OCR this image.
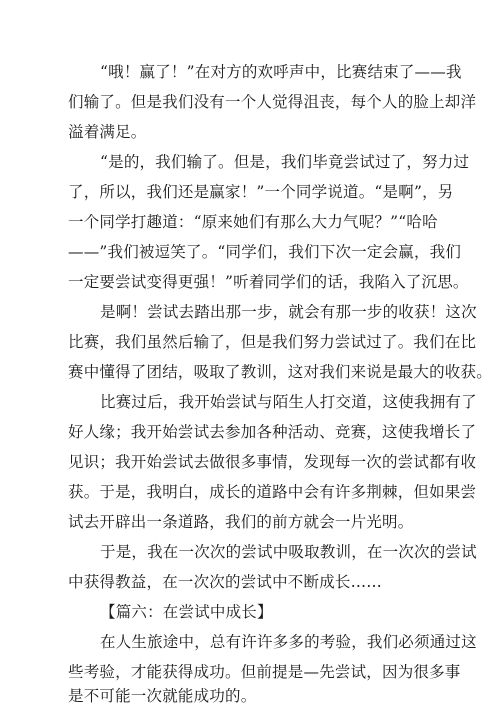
“哦！赢了！”在对方的欢呼声中，比赛结束了——我
们输了。但是我们没有一个人觉得沮丧，每个人的脸上却洋
溢着满足。
“是的，我们输了。但是，我们毕竟尝试过了，努力过
了，所以，我们还是赢家！”一个同学说道。“是啊”，另
一个同学打趣道：“原来她们有那么大力气呢？”“哈哈
——”我们被逗笑了。“同学们，我们下次一定会赢，我们
一定要尝试变得更强！”听着同学们的话，我陷入了沉思。
是啊！尝试去踏出那一步，就会有那一步的收获！这次
比赛，我们虽然后输了，但是我们努力尝试过了。我们在比
赛中懂得了团结，吸取了教训，这对我们来说是最大的收获。
比赛过后，我开始尝试与陌生人打交道，这使我拥有了
好人缘；我开始尝试去参加各种活动、竞赛，这使我增长了
见识；我开始尝试去做很多事情，发现每一次的尝试都有收
获。于是，我明白，成长的道路中会有许多荆棘，但如果尝
试去开辟出一条道路，我们的前方就会一片光明。
于是，我在一次次的尝试中吸取教训，在一次次的尝试
中获得教益，在一次次的尝试中不断成长……
【篇六：在尝试中成长】
在人生旅途中，总有许许多多的考验，我们必须通过这
些考验，才能获得成功。但前提是—先尝试，因为很多事
是不可能一次就能成功的。
